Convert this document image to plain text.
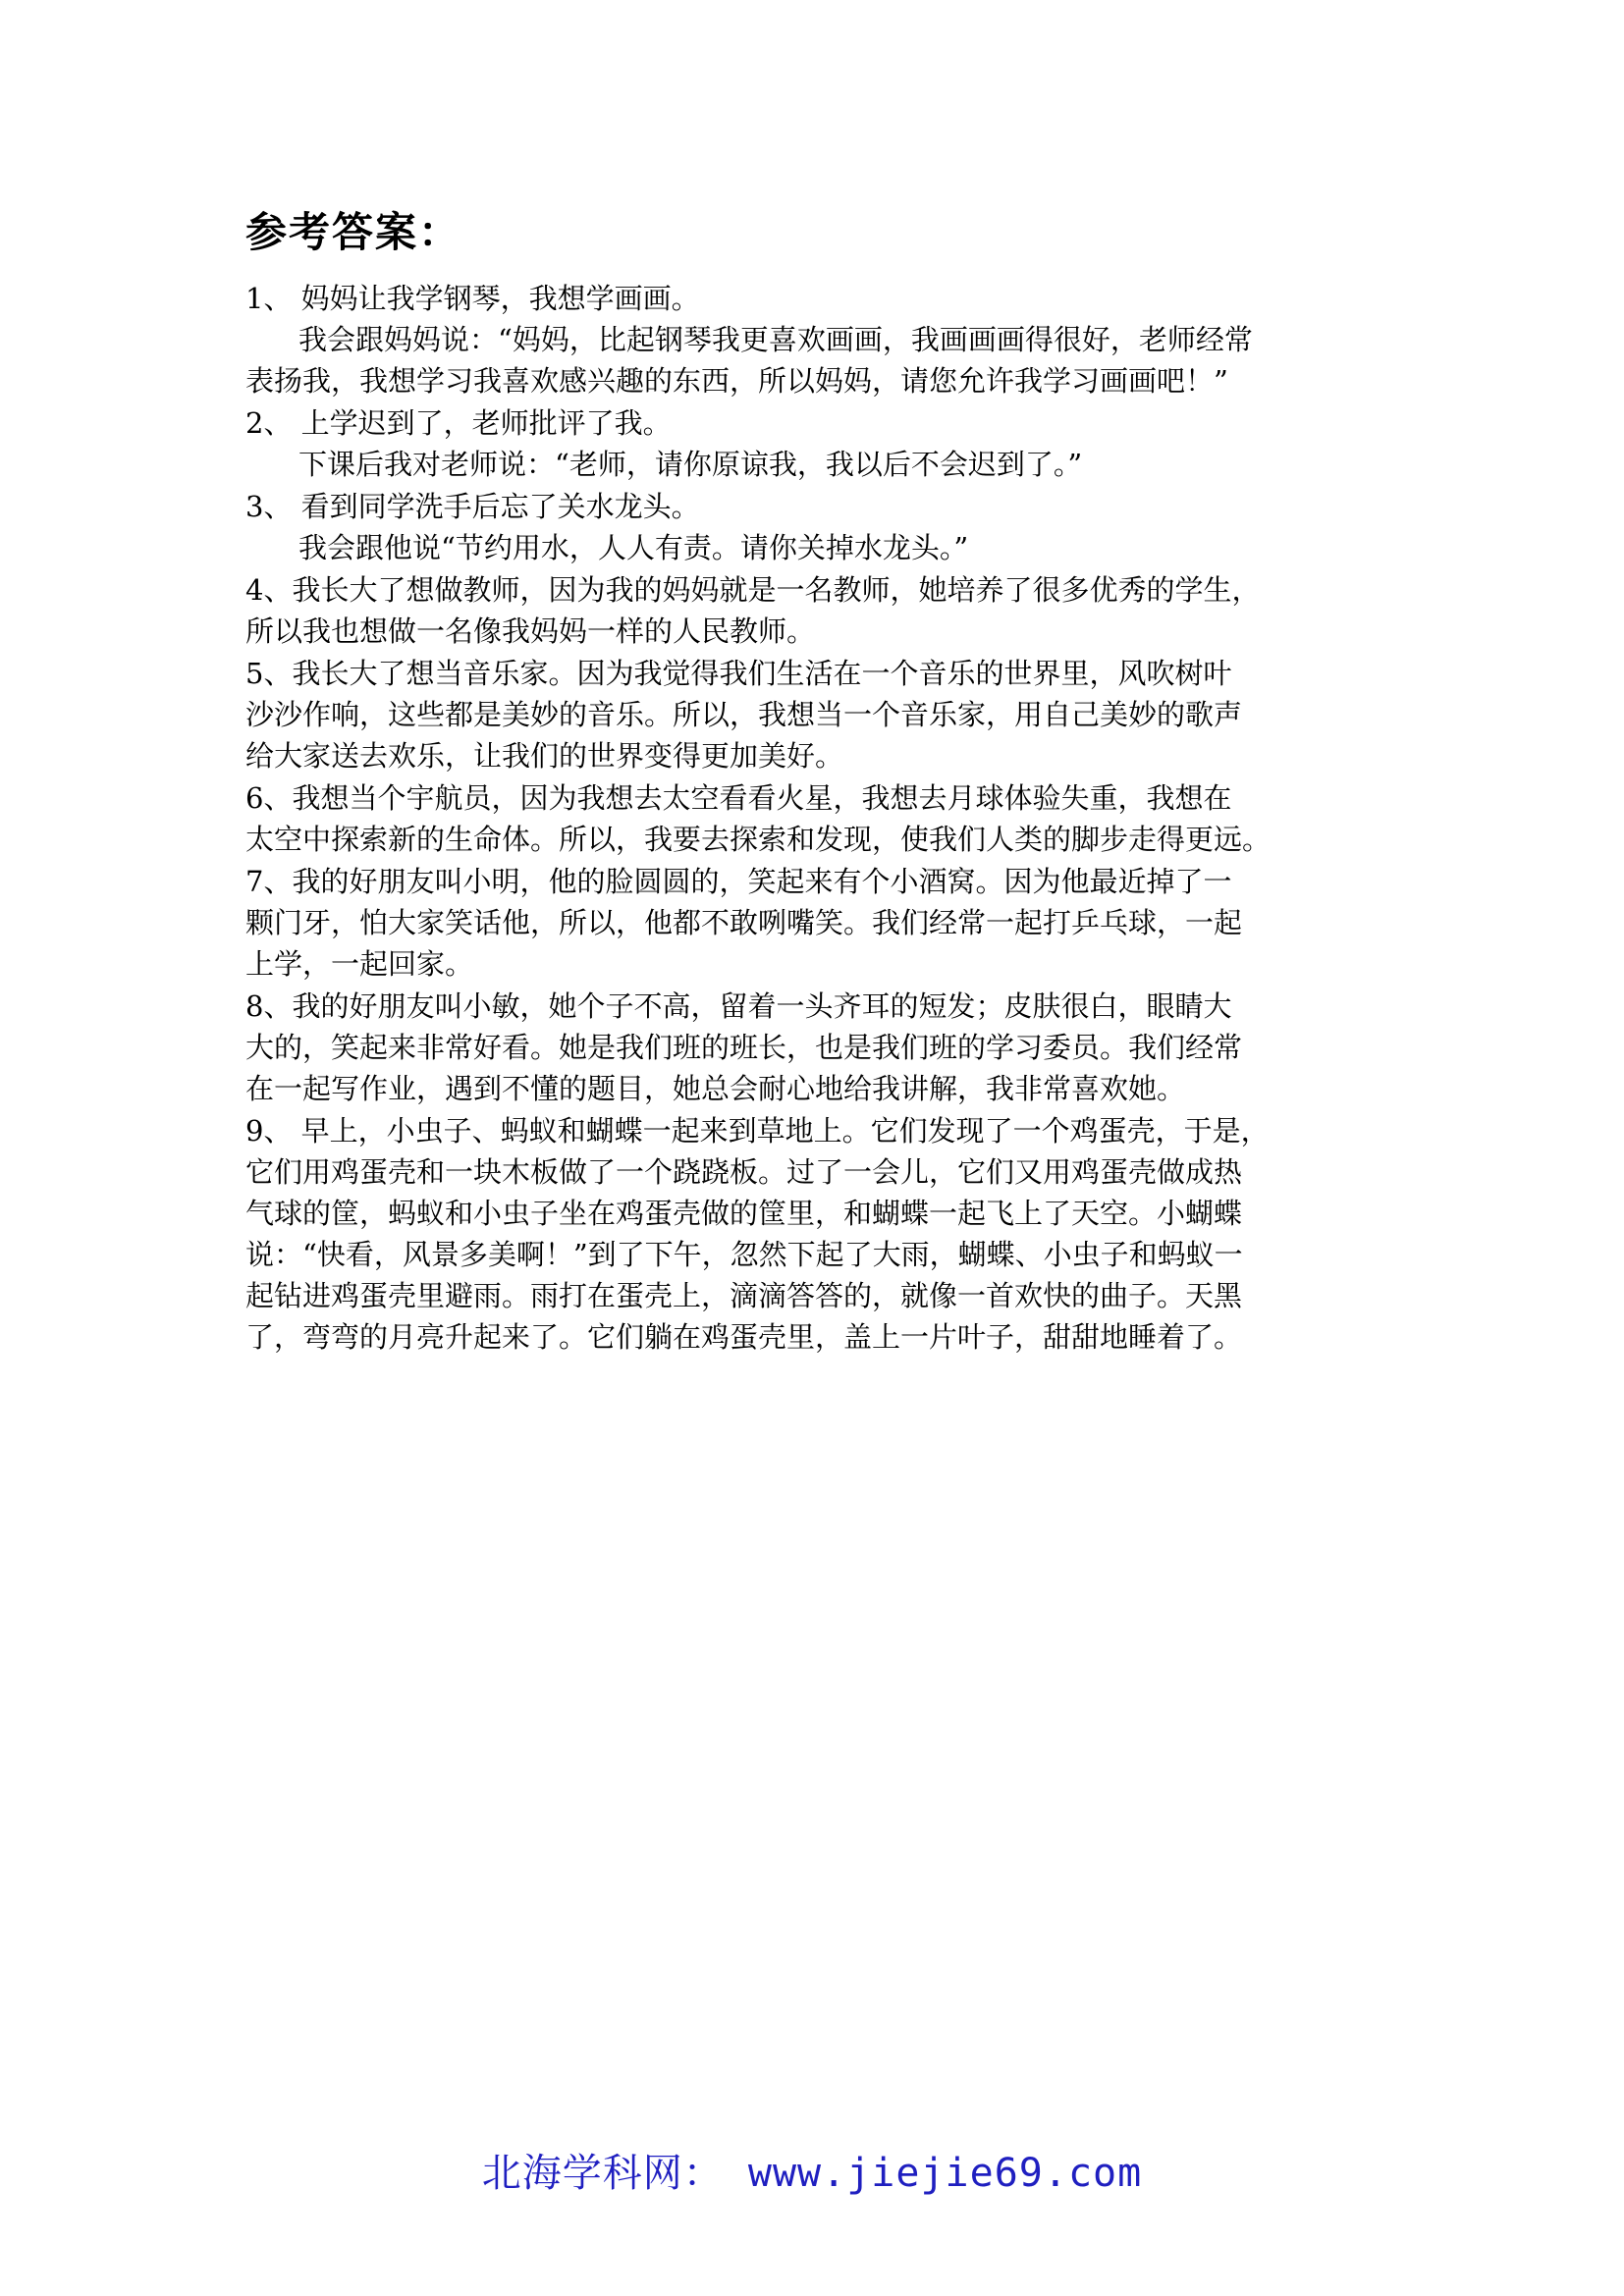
参考答案：
1、 妈妈让我学钢琴，我想学画画。
我会跟妈妈说：“妈妈，比起钢琴我更喜欢画画，我画画画得很好，老师经常
表扬我，我想学习我喜欢感兴趣的东西，所以妈妈，请您允许我学习画画吧！”
2、 上学迟到了，老师批评了我。
下课后我对老师说：“老师，请你原谅我，我以后不会迟到了。”
3、 看到同学洗手后忘了关水龙头。
我会跟他说“节约用水，人人有责。请你关掉水龙头。”
4、我长大了想做教师，因为我的妈妈就是一名教师，她培养了很多优秀的学生，
所以我也想做一名像我妈妈一样的人民教师。
5、我长大了想当音乐家。因为我觉得我们生活在一个音乐的世界里，风吹树叶
沙沙作响，这些都是美妙的音乐。所以，我想当一个音乐家，用自己美妙的歌声
给大家送去欢乐，让我们的世界变得更加美好。
6、我想当个宇航员，因为我想去太空看看火星，我想去月球体验失重，我想在
太空中探索新的生命体。所以，我要去探索和发现，使我们人类的脚步走得更远。
7、我的好朋友叫小明，他的脸圆圆的，笑起来有个小酒窝。因为他最近掉了一
颗门牙，怕大家笑话他，所以，他都不敢咧嘴笑。我们经常一起打乒乓球，一起
上学，一起回家。
8、我的好朋友叫小敏，她个子不高，留着一头齐耳的短发；皮肤很白，眼睛大
大的，笑起来非常好看。她是我们班的班长，也是我们班的学习委员。我们经常
在一起写作业，遇到不懂的题目，她总会耐心地给我讲解，我非常喜欢她。
9、 早上，小虫子、蚂蚁和蝴蝶一起来到草地上。它们发现了一个鸡蛋壳，于是，
它们用鸡蛋壳和一块木板做了一个跷跷板。过了一会儿，它们又用鸡蛋壳做成热
气球的筐，蚂蚁和小虫子坐在鸡蛋壳做的筐里，和蝴蝶一起飞上了天空。小蝴蝶
说：“快看，风景多美啊！”到了下午，忽然下起了大雨，蝴蝶、小虫子和蚂蚁一
起钻进鸡蛋壳里避雨。雨打在蛋壳上，滴滴答答的，就像一首欢快的曲子。天黑
了，弯弯的月亮升起来了。它们躺在鸡蛋壳里，盖上一片叶子，甜甜地睡着了。
北海学科网： www.jiejie69.com
